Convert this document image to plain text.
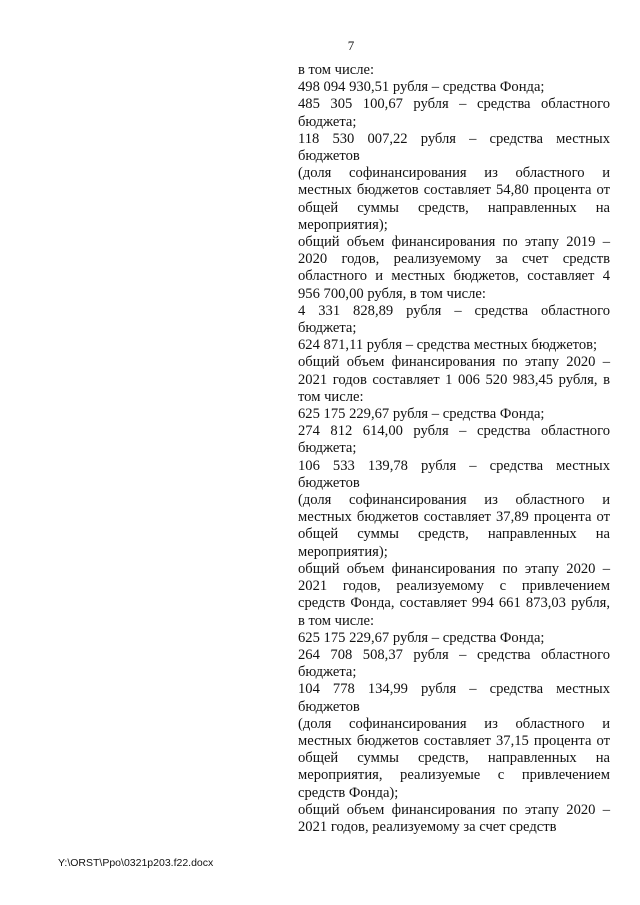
7

в том числе:

498 094 930,51 рубля – средства Фонда;

485 305 100,67 рубля – средства областного бюджета;

118 530 007,22 рубля – средства местных бюджетов

(доля софинансирования из областного и местных бюджетов составляет 54,80 процента от общей суммы средств, направленных на мероприятия);

общий объем финансирования по этапу 2019 – 2020 годов, реализуемому за счет средств областного и местных бюджетов, составляет 4 956 700,00 рубля, в том числе:

4 331 828,89 рубля – средства областного бюджета;

624 871,11 рубля – средства местных бюджетов;

общий объем финансирования по этапу 2020 – 2021 годов составляет 1 006 520 983,45 рубля, в том числе:

625 175 229,67 рубля – средства Фонда;

274 812 614,00 рубля – средства областного бюджета;

106 533 139,78 рубля – средства местных бюджетов

(доля софинансирования из областного и местных бюджетов составляет 37,89 процента от общей суммы средств, направленных на мероприятия);

общий объем финансирования по этапу 2020 – 2021 годов, реализуемому с привлечением средств Фонда, составляет 994 661 873,03 рубля, в том числе:

625 175 229,67 рубля – средства Фонда;

264 708 508,37 рубля – средства областного бюджета;

104 778 134,99 рубля – средства местных бюджетов

(доля софинансирования из областного и местных бюджетов составляет 37,15 процента от общей суммы средств, направленных на мероприятия, реализуемые с привлечением средств Фонда);

общий объем финансирования по этапу 2020 – 2021 годов, реализуемому за счет средств

Y:\ORST\Ppo\0321p203.f22.docx
